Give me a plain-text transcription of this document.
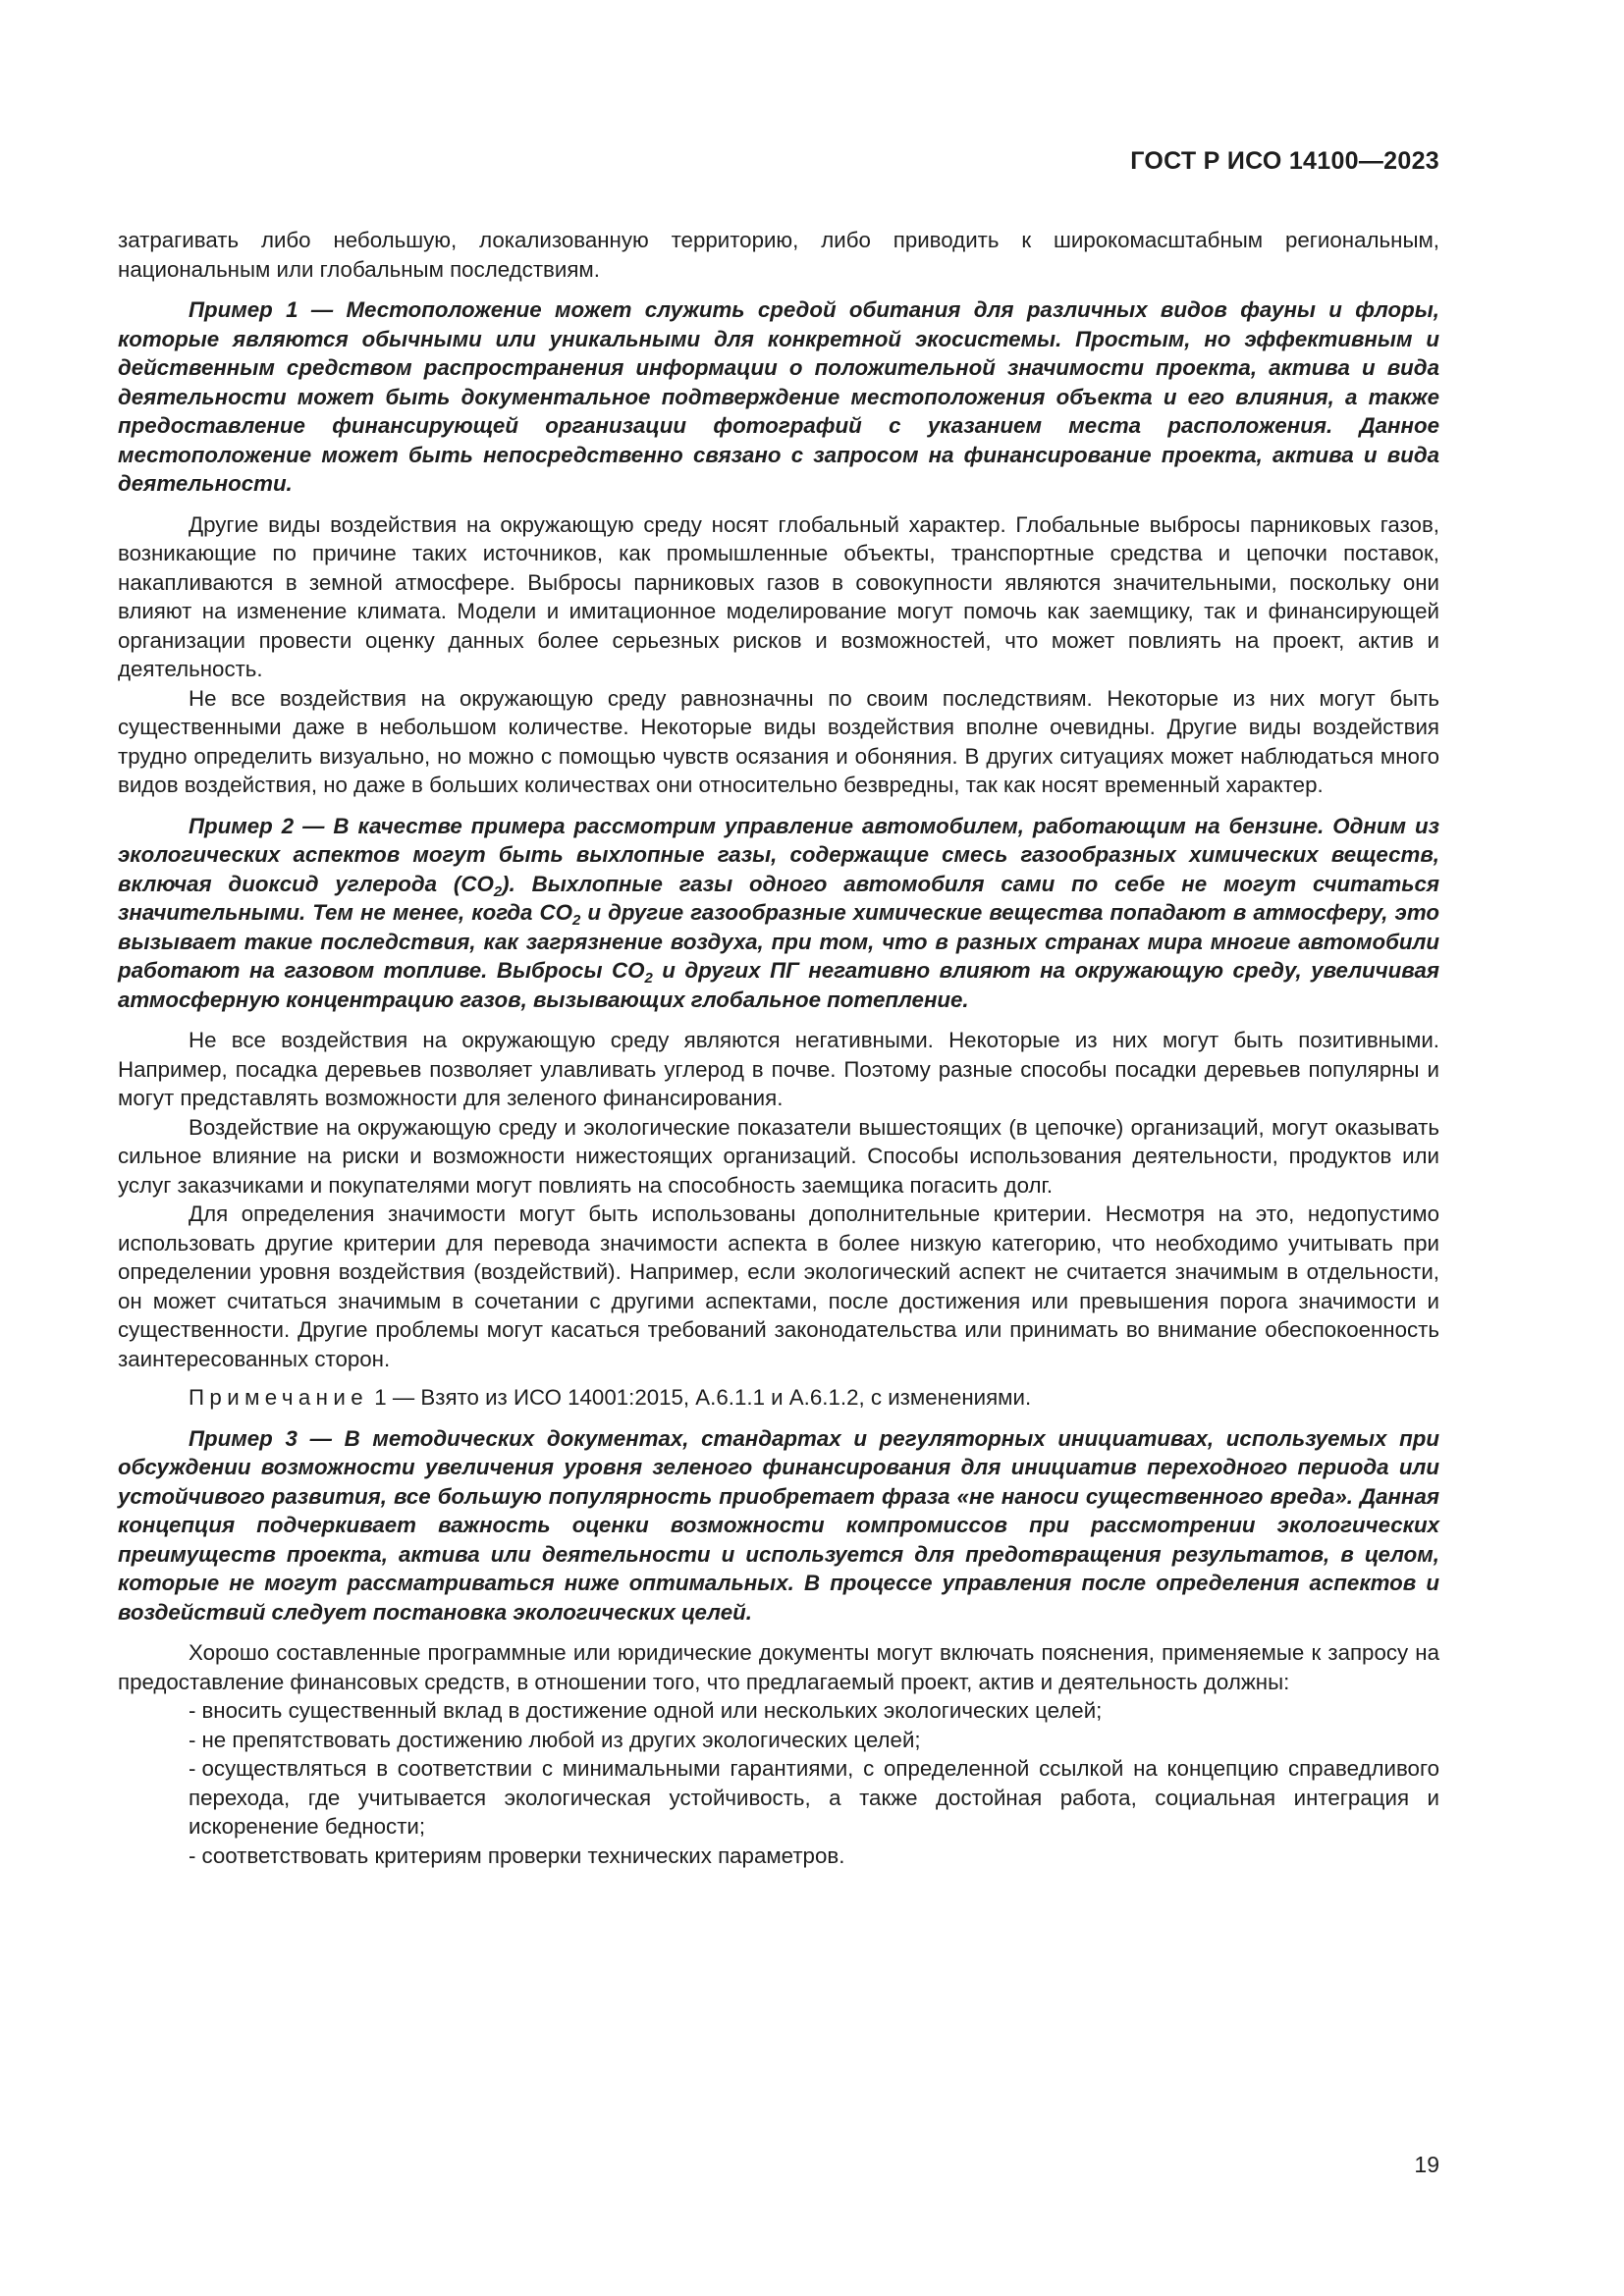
ГОСТ Р ИСО 14100—2023

затрагивать либо небольшую, локализованную территорию, либо приводить к широкомасштабным региональным, национальным или глобальным последствиям.

Пример 1 — Местоположение может служить средой обитания для различных видов фауны и флоры, которые являются обычными или уникальными для конкретной экосистемы. Простым, но эффективным и действенным средством распространения информации о положительной значимости проекта, актива и вида деятельности может быть документальное подтверждение местоположения объекта и его влияния, а также предоставление финансирующей организации фотографий с указанием места расположения. Данное местоположение может быть непосредственно связано с запросом на финансирование проекта, актива и вида деятельности.

Другие виды воздействия на окружающую среду носят глобальный характер. Глобальные выбросы парниковых газов, возникающие по причине таких источников, как промышленные объекты, транспортные средства и цепочки поставок, накапливаются в земной атмосфере. Выбросы парниковых газов в совокупности являются значительными, поскольку они влияют на изменение климата. Модели и имитационное моделирование могут помочь как заемщику, так и финансирующей организации провести оценку данных более серьезных рисков и возможностей, что может повлиять на проект, актив и деятельность.

Не все воздействия на окружающую среду равнозначны по своим последствиям. Некоторые из них могут быть существенными даже в небольшом количестве. Некоторые виды воздействия вполне очевидны. Другие виды воздействия трудно определить визуально, но можно с помощью чувств осязания и обоняния. В других ситуациях может наблюдаться много видов воздействия, но даже в больших количествах они относительно безвредны, так как носят временный характер.

Пример 2 — В качестве примера рассмотрим управление автомобилем, работающим на бензине. Одним из экологических аспектов могут быть выхлопные газы, содержащие смесь газообразных химических веществ, включая диоксид углерода $(CO_2)$. Выхлопные газы одного автомобиля сами по себе не могут считаться значительными. Тем не менее, когда $CO_2$ и другие газообразные химические вещества попадают в атмосферу, это вызывает такие последствия, как загрязнение воздуха, при том, что в разных странах мира многие автомобили работают на газовом топливе. Выбросы $CO_2$ и других ПГ негативно влияют на окружающую среду, увеличивая атмосферную концентрацию газов, вызывающих глобальное потепление.

Не все воздействия на окружающую среду являются негативными. Некоторые из них могут быть позитивными. Например, посадка деревьев позволяет улавливать углерод в почве. Поэтому разные способы посадки деревьев популярны и могут представлять возможности для зеленого финансирования.

Воздействие на окружающую среду и экологические показатели вышестоящих (в цепочке) организаций, могут оказывать сильное влияние на риски и возможности нижестоящих организаций. Способы использования деятельности, продуктов или услуг заказчиками и покупателями могут повлиять на способность заемщика погасить долг.

Для определения значимости могут быть использованы дополнительные критерии. Несмотря на это, недопустимо использовать другие критерии для перевода значимости аспекта в более низкую категорию, что необходимо учитывать при определении уровня воздействия (воздействий). Например, если экологический аспект не считается значимым в отдельности, он может считаться значимым в сочетании с другими аспектами, после достижения или превышения порога значимости и существенности. Другие проблемы могут касаться требований законодательства или принимать во внимание обеспокоенность заинтересованных сторон.

Примечание 1 — Взято из ИСО 14001:2015, A.6.1.1 и A.6.1.2, с изменениями.

Пример 3 — В методических документах, стандартах и регуляторных инициативах, используемых при обсуждении возможности увеличения уровня зеленого финансирования для инициатив переходного периода или устойчивого развития, все большую популярность приобретает фраза «не наноси существенного вреда». Данная концепция подчеркивает важность оценки возможности компромиссов при рассмотрении экологических преимуществ проекта, актива или деятельности и используется для предотвращения результатов, в целом, которые не могут рассматриваться ниже оптимальных. В процессе управления после определения аспектов и воздействий следует постановка экологических целей.

Хорошо составленные программные или юридические документы могут включать пояснения, применяемые к запросу на предоставление финансовых средств, в отношении того, что предлагаемый проект, актив и деятельность должны:

- вносить существенный вклад в достижение одной или нескольких экологических целей;

- не препятствовать достижению любой из других экологических целей;

- осуществляться в соответствии с минимальными гарантиями, с определенной ссылкой на концепцию справедливого перехода, где учитывается экологическая устойчивость, а также достойная работа, социальная интеграция и искоренение бедности;

- соответствовать критериям проверки технических параметров.

19
